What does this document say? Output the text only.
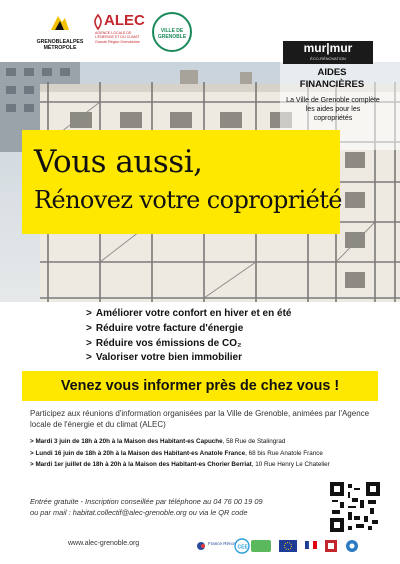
GRENOBLEALPES MÉTROPOLE
ALEC
AGENCE LOCALE DE L'ÉNERGIE ET DU CLIMAT Grande Région Grenobloise
VILLE DE GRENOBLE
mur|mur
ÉCO-RÉNOVATION
AIDES FINANCIÈRES
La Ville de Grenoble complète les aides pour les copropriétés
Vous aussi,
Rénovez votre copropriété
> Améliorer votre confort en hiver et en été
> Réduire votre facture d'énergie
> Réduire vos émissions de CO₂
> Valoriser votre bien immobilier
Venez vous informer près de chez vous !
Participez aux réunions d'information organisées par la Ville de Grenoble, animées par l'Agence locale de l'énergie et du climat (ALEC)
> Mardi 3 juin de 18h à 20h à la Maison des Habitant-es Capuche, 58 Rue de Stalingrad
> Lundi 16 juin de 18h à 20h à la Maison des Habitant-es Anatole France, 68 bis Rue Anatole France
> Mardi 1er juillet de 18h à 20h à la Maison des Habitant-es Chorier Berriat, 10 Rue Henry Le Chatelier
Entrée gratuite - Inscription conseillée par téléphone au 04 76 00 19 09
ou par mail : habitat.collectif@alec-grenoble.org ou via le QR code
www.alec-grenoble.org	France Rénov'
CEE
